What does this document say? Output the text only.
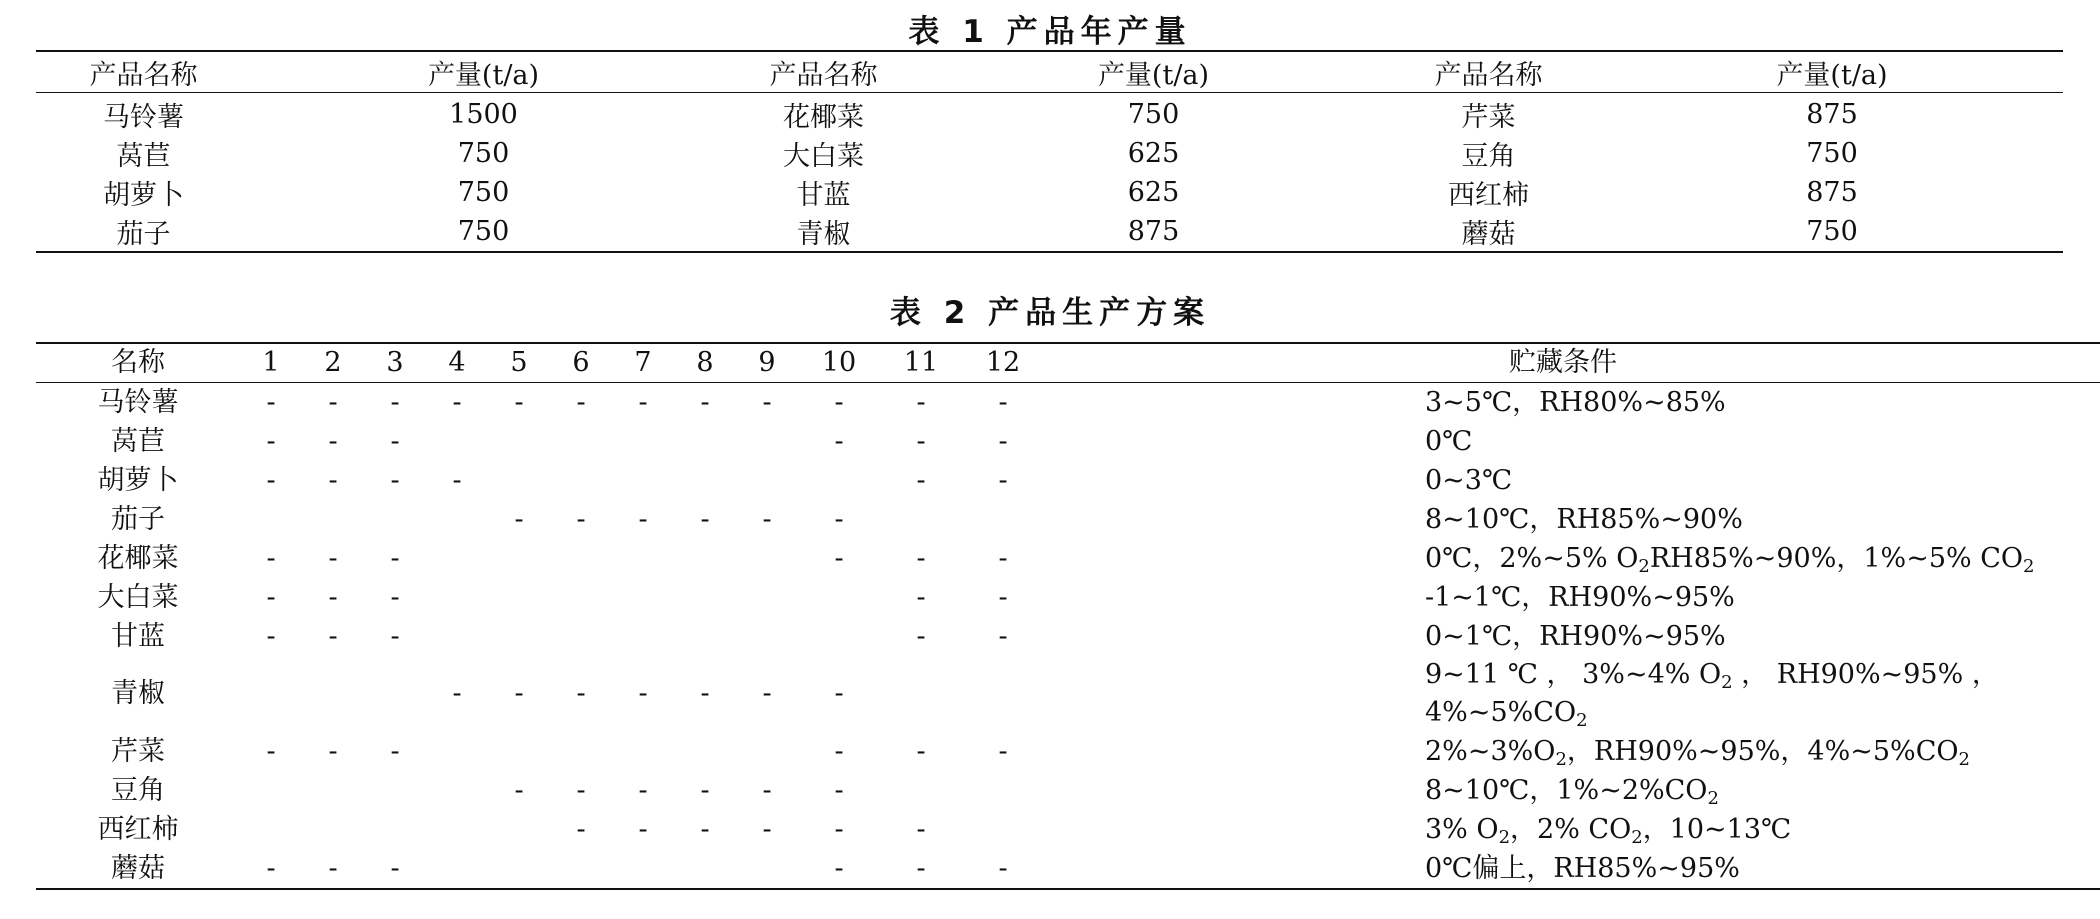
表 1 产品年产量
产品名称	产量(t/a)	产品名称	产量(t/a)	产品名称	产量(t/a)
马铃薯	1500	花椰菜	750	芹菜	875
莴苣	750	大白菜	625	豆角	750
胡萝卜	750	甘蓝	625	西红柿	875
茄子	750	青椒	875	蘑菇	750
表 2 产品生产方案
名称	1	2	3	4	5	6	7	8	9	10	11	12		贮藏条件
马铃薯	-	-	-	-	-	-	-	-	-	-	-	-		3~5℃，RH80%~85%
莴苣	-	-	-							-	-	-		0℃
胡萝卜	-	-	-	-							-	-		0~3℃
茄子					-	-	-	-	-	-				8~10℃，RH85%~90%
花椰菜	-	-	-							-	-	-		0℃，2%~5% $O_2RH85\%\sim 90\%$，1%~5% $CO_2$
大白菜	-	-	-								-	-		-1~1℃，RH90%~95%
甘蓝	-	-	-								-	-		0~1℃，RH90%~95%
青椒				-	-	-	-	-	-	-				9~11 ℃ ， 3%~4% $O_2$ ， RH90%~95% ，
$4\%\sim 5\%CO_2$

芹菜	-	-	-							-	-	-		$2\%\sim 3\%O_2$，RH90%~95%，$4\%\sim 5\%CO_2$
豆角					-	-	-	-	-	-				8~10℃，$1\%\sim 2\%CO_2$
西红柿						-	-	-	-	-	-			3% $O_2$，2% $CO_2$，10~13℃
蘑菇	-	-	-							-	-	-		0℃偏上，RH85%~95%
